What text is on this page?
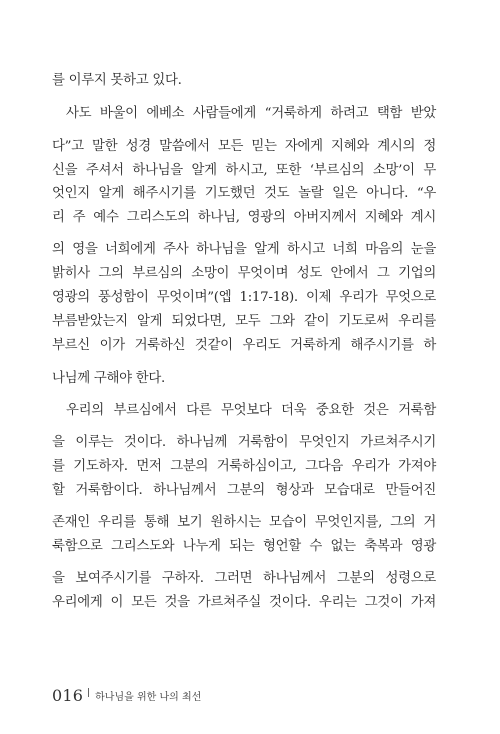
를 이루지 못하고 있다.
사도 바울이 에베소 사람들에게 “거룩하게 하려고 택함 받았
다”고 말한 성경 말씀에서 모든 믿는 자에게 지혜와 계시의 정
신을 주셔서 하나님을 알게 하시고, 또한 ‘부르심의 소망’이 무
엇인지 알게 해주시기를 기도했던 것도 놀랄 일은 아니다. “우
리 주 예수 그리스도의 하나님, 영광의 아버지께서 지혜와 계시
의 영을 너희에게 주사 하나님을 알게 하시고 너희 마음의 눈을
밝히사 그의 부르심의 소망이 무엇이며 성도 안에서 그 기업의
영광의 풍성함이 무엇이며”(엡 1:17-18). 이제 우리가 무엇으로
부름받았는지 알게 되었다면, 모두 그와 같이 기도로써 우리를
부르신 이가 거룩하신 것같이 우리도 거룩하게 해주시기를 하
나님께 구해야 한다.
우리의 부르심에서 다른 무엇보다 더욱 중요한 것은 거룩함
을 이루는 것이다. 하나님께 거룩함이 무엇인지 가르쳐주시기
를 기도하자. 먼저 그분의 거룩하심이고, 그다음 우리가 가져야
할 거룩함이다. 하나님께서 그분의 형상과 모습대로 만들어진
존재인 우리를 통해 보기 원하시는 모습이 무엇인지를, 그의 거
룩함으로 그리스도와 나누게 되는 형언할 수 없는 축복과 영광
을 보여주시기를 구하자. 그러면 하나님께서 그분의 성령으로
우리에게 이 모든 것을 가르쳐주실 것이다. 우리는 그것이 가져
016 하나님을 위한 나의 최선
